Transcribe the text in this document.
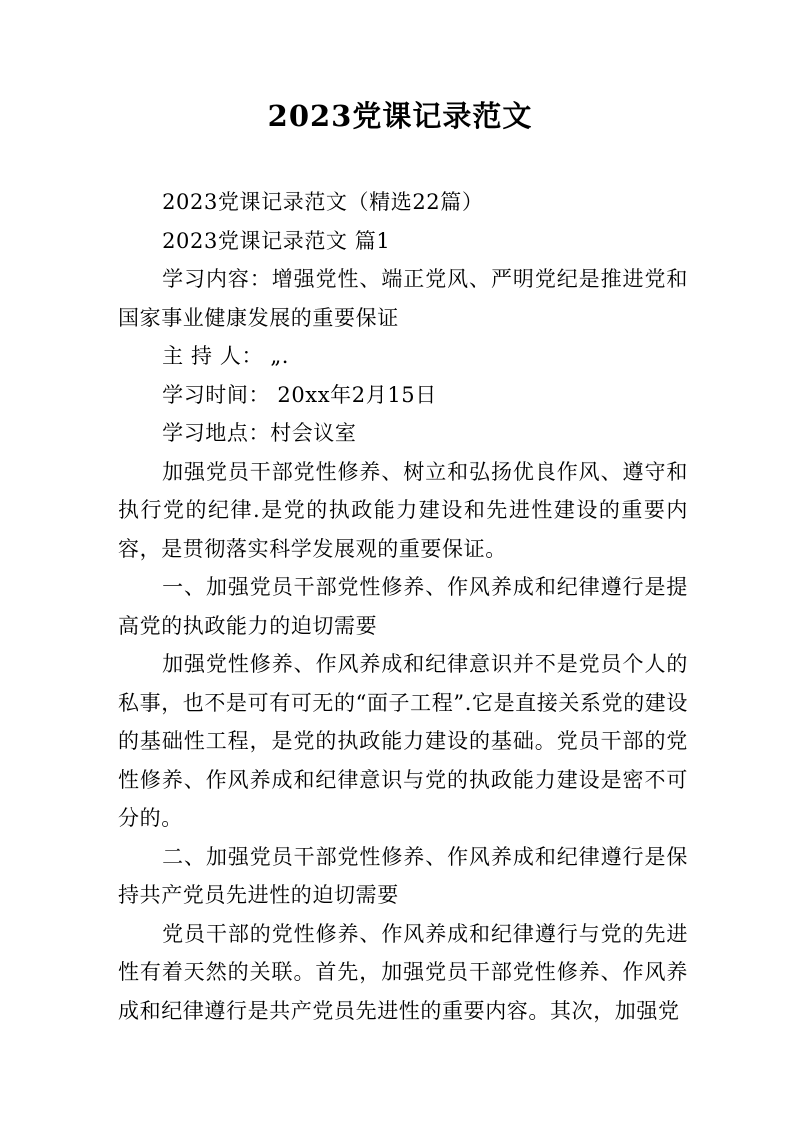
2023党课记录范文

2023党课记录范文（精选22篇）

2023党课记录范文 篇1

学习内容：增强党性、端正党风、严明党纪是推进党和国家事业健康发展的重要保证

主 持 人： „.

学习时间： 20xx年2月15日

学习地点：村会议室

加强党员干部党性修养、树立和弘扬优良作风、遵守和执行党的纪律.是党的执政能力建设和先进性建设的重要内容，是贯彻落实科学发展观的重要保证。

一、加强党员干部党性修养、作风养成和纪律遵行是提高党的执政能力的迫切需要

加强党性修养、作风养成和纪律意识并不是党员个人的私事，也不是可有可无的“面子工程”.它是直接关系党的建设的基础性工程，是党的执政能力建设的基础。党员干部的党性修养、作风养成和纪律意识与党的执政能力建设是密不可分的。

二、加强党员干部党性修养、作风养成和纪律遵行是保持共产党员先进性的迫切需要

党员干部的党性修养、作风养成和纪律遵行与党的先进性有着天然的关联。首先，加强党员干部党性修养、作风养成和纪律遵行是共产党员先进性的重要内容。其次，加强党
